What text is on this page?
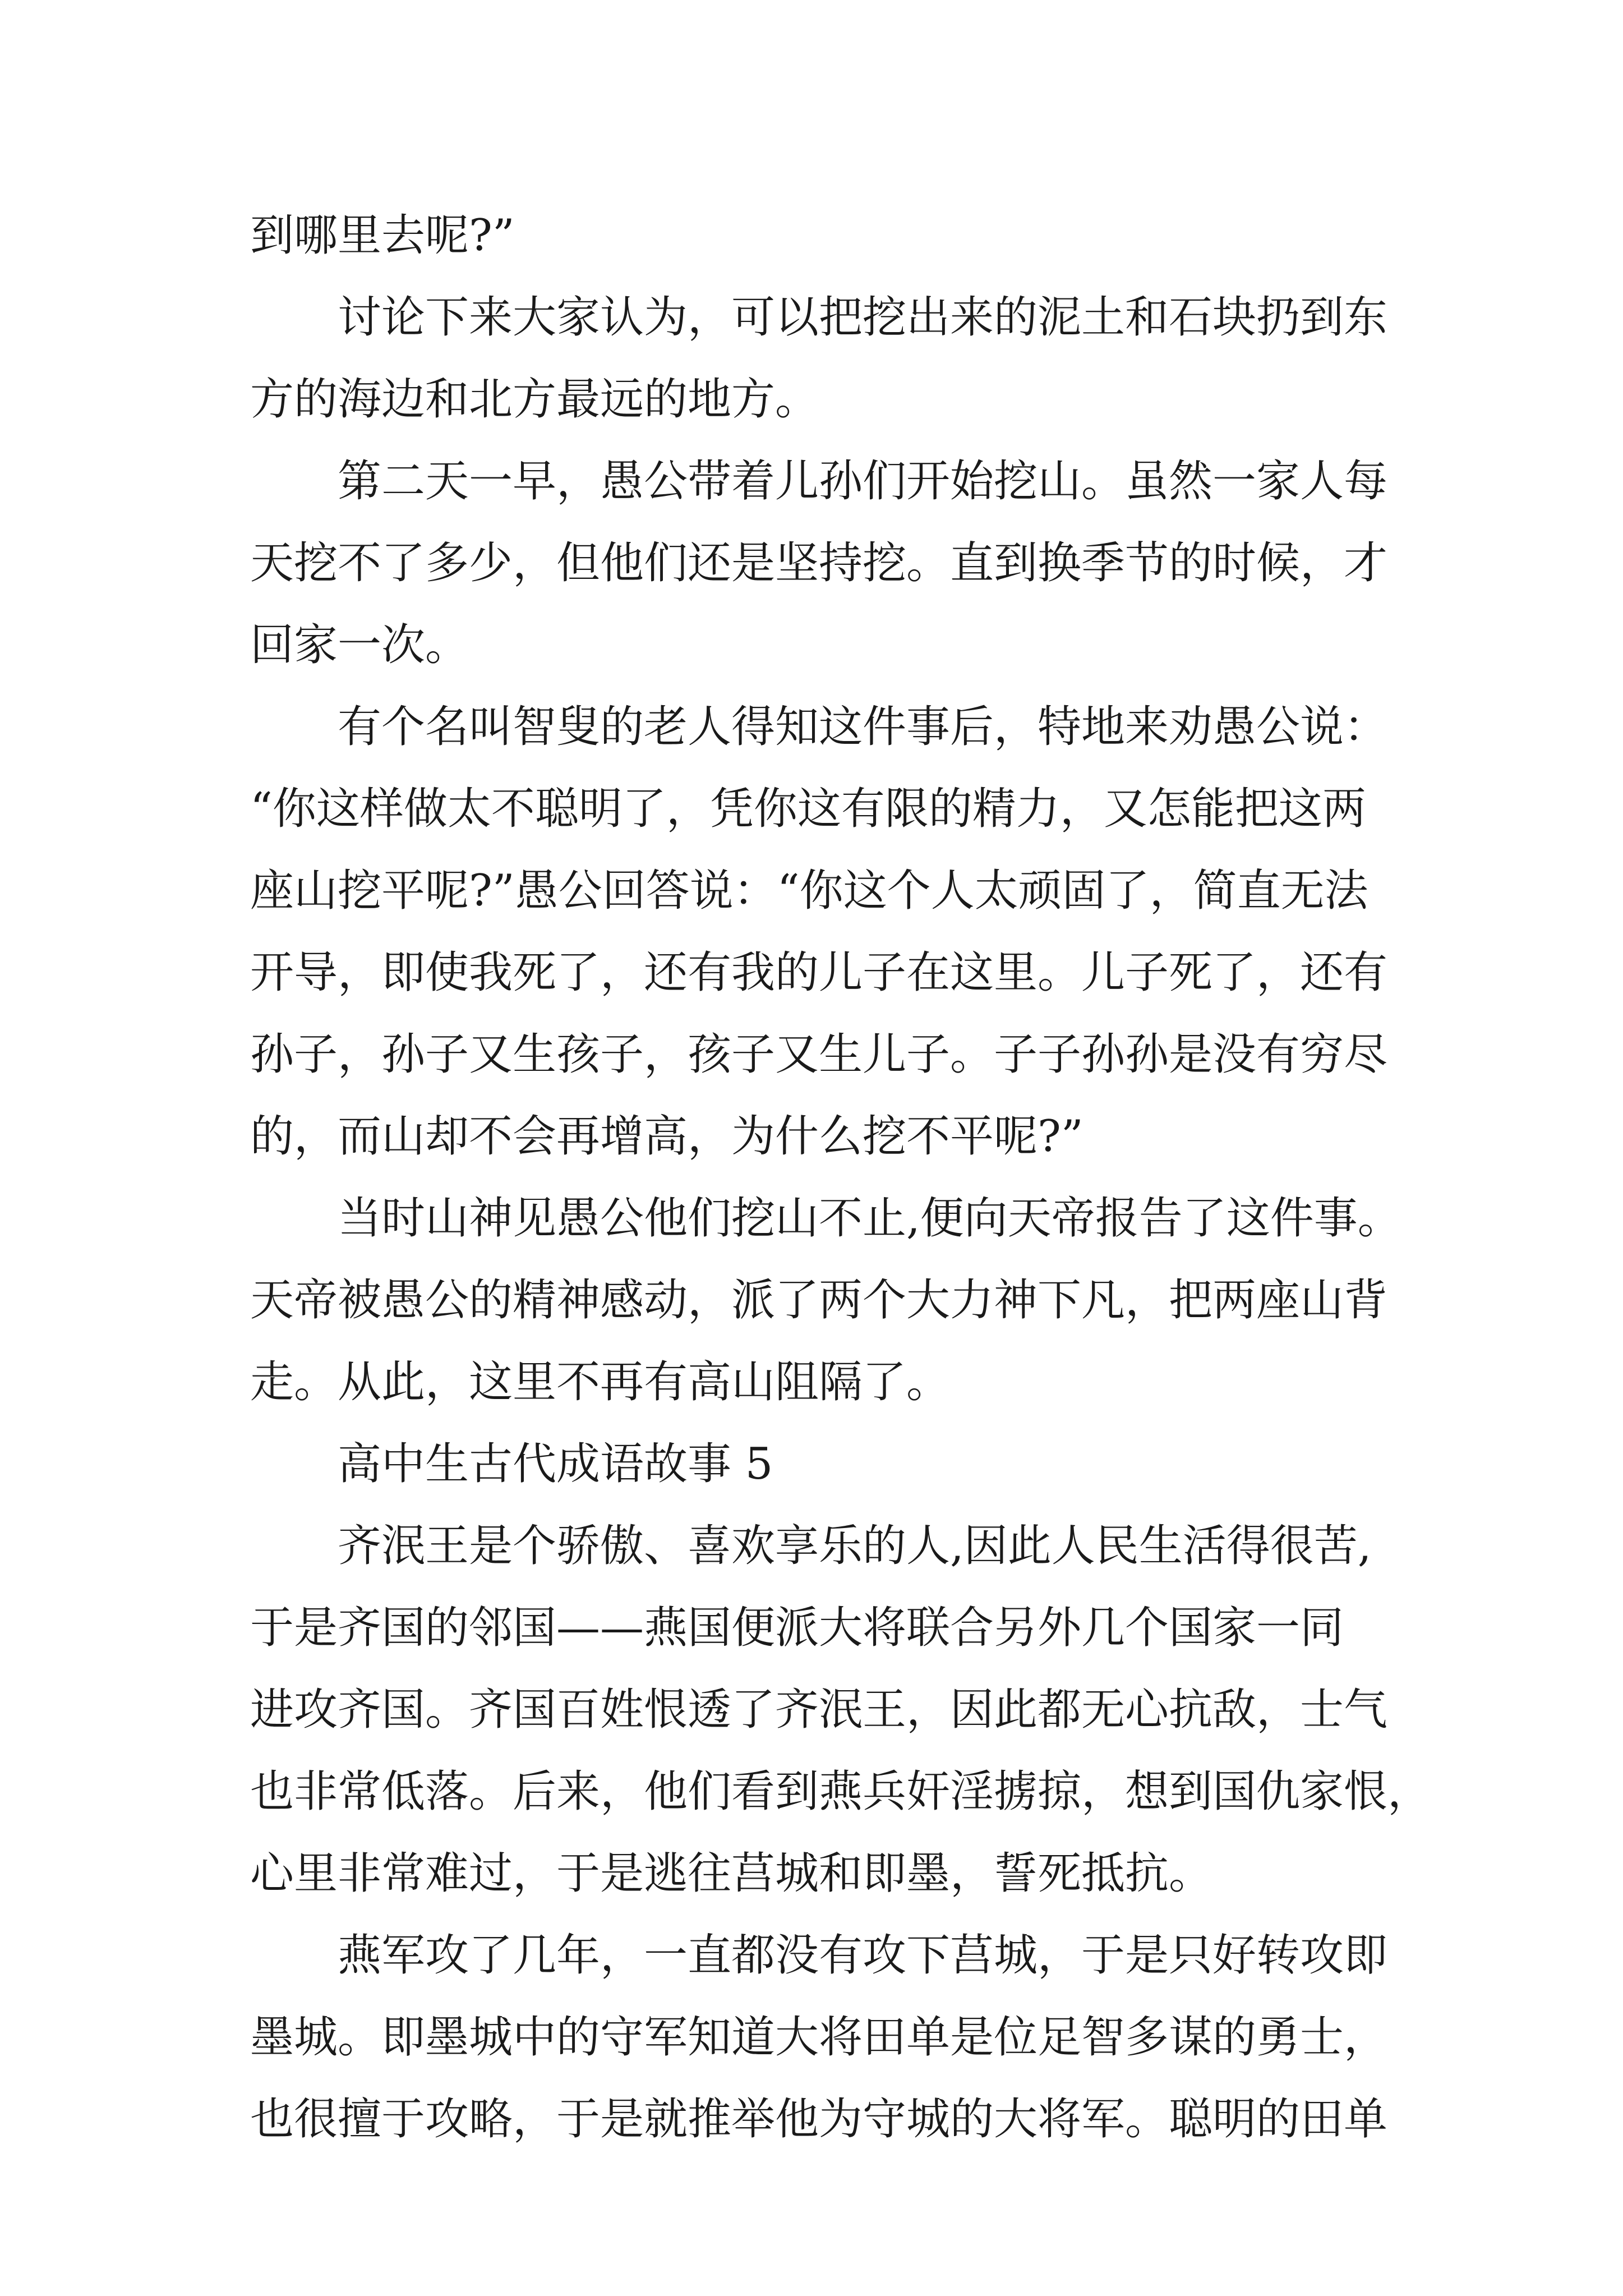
到哪里去呢?”
讨论下来大家认为，可以把挖出来的泥土和石块扔到东
方的海边和北方最远的地方。
第二天一早，愚公带着儿孙们开始挖山。虽然一家人每
天挖不了多少，但他们还是坚持挖。直到换季节的时候，才
回家一次。
有个名叫智叟的老人得知这件事后，特地来劝愚公说：
“你这样做太不聪明了，凭你这有限的精力，又怎能把这两
座山挖平呢?”愚公回答说：“你这个人太顽固了，简直无法
开导，即使我死了，还有我的儿子在这里。儿子死了，还有
孙子，孙子又生孩子，孩子又生儿子。子子孙孙是没有穷尽
的，而山却不会再增高，为什么挖不平呢?”
当时山神见愚公他们挖山不止,便向天帝报告了这件事。
天帝被愚公的精神感动，派了两个大力神下凡，把两座山背
走。从此，这里不再有高山阻隔了。
高中生古代成语故事 5
齐泯王是个骄傲、喜欢享乐的人,因此人民生活得很苦,
于是齐国的邻国——燕国便派大将联合另外几个国家一同
进攻齐国。齐国百姓恨透了齐泯王，因此都无心抗敌，士气
也非常低落。后来，他们看到燕兵奸淫掳掠，想到国仇家恨，
心里非常难过，于是逃往莒城和即墨，誓死抵抗。
燕军攻了几年，一直都没有攻下莒城，于是只好转攻即
墨城。即墨城中的守军知道大将田单是位足智多谋的勇士，
也很擅于攻略，于是就推举他为守城的大将军。聪明的田单
